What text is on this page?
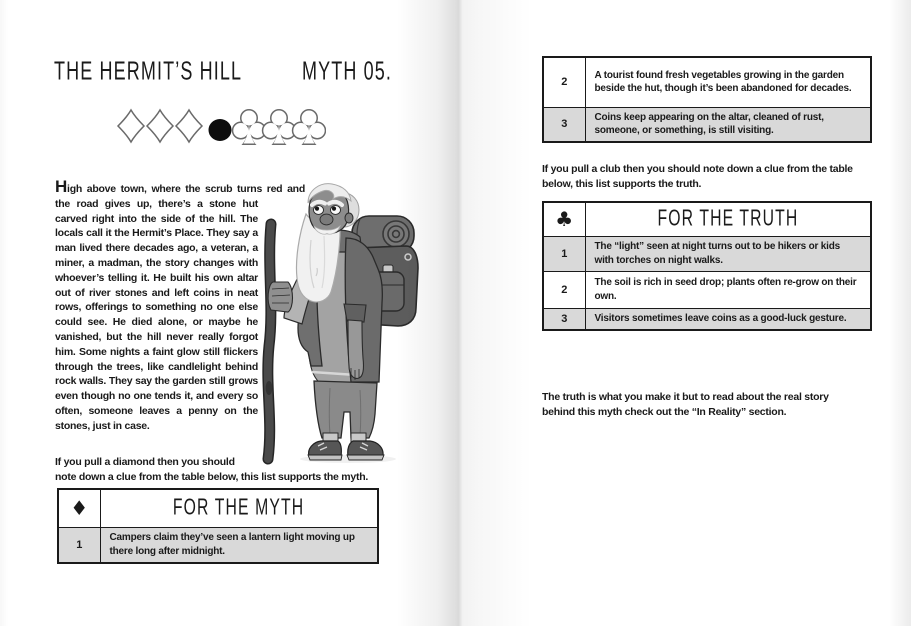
THE HERMIT’S HILL	MYTH 05.

High above town, where the scrub turns red and the road gives up, there’s a stone hut carved right into the side of the hill. The locals call it the Hermit’s Place. They say a man lived there decades ago, a veteran, a miner, a madman, the story changes with whoever’s telling it. He built his own altar out of river stones and left coins in neat rows, offerings to something no one else could see. He died alone, or maybe he vanished, but the hill never really forgot him. Some nights a faint glow still flickers through the trees, like candlelight behind rock walls. They say the garden still grows even though no one tends it, and every so often, someone leaves a penny on the stones, just in case.

If you pull a diamond then you should
note down a clue from the table below, this list supports the myth.
♦	FOR THE MYTH
1	Campers claim they’ve seen a lantern light moving up there long after midnight.
2	A tourist found fresh vegetables growing in the garden beside the hut, though it’s been abandoned for decades.
3	Coins keep appearing on the altar, cleaned of rust, someone, or something, is still visiting.
If you pull a club then you should note down a clue from the table
below, this list supports the truth.
♣	FOR THE TRUTH
1	The “light” seen at night turns out to be hikers or kids with torches on night walks.
2	The soil is rich in seed drop; plants often re-grow on their own.
3	Visitors sometimes leave coins as a good-luck gesture.
The truth is what you make it but to read about the real story
behind this myth check out the “In Reality” section.
